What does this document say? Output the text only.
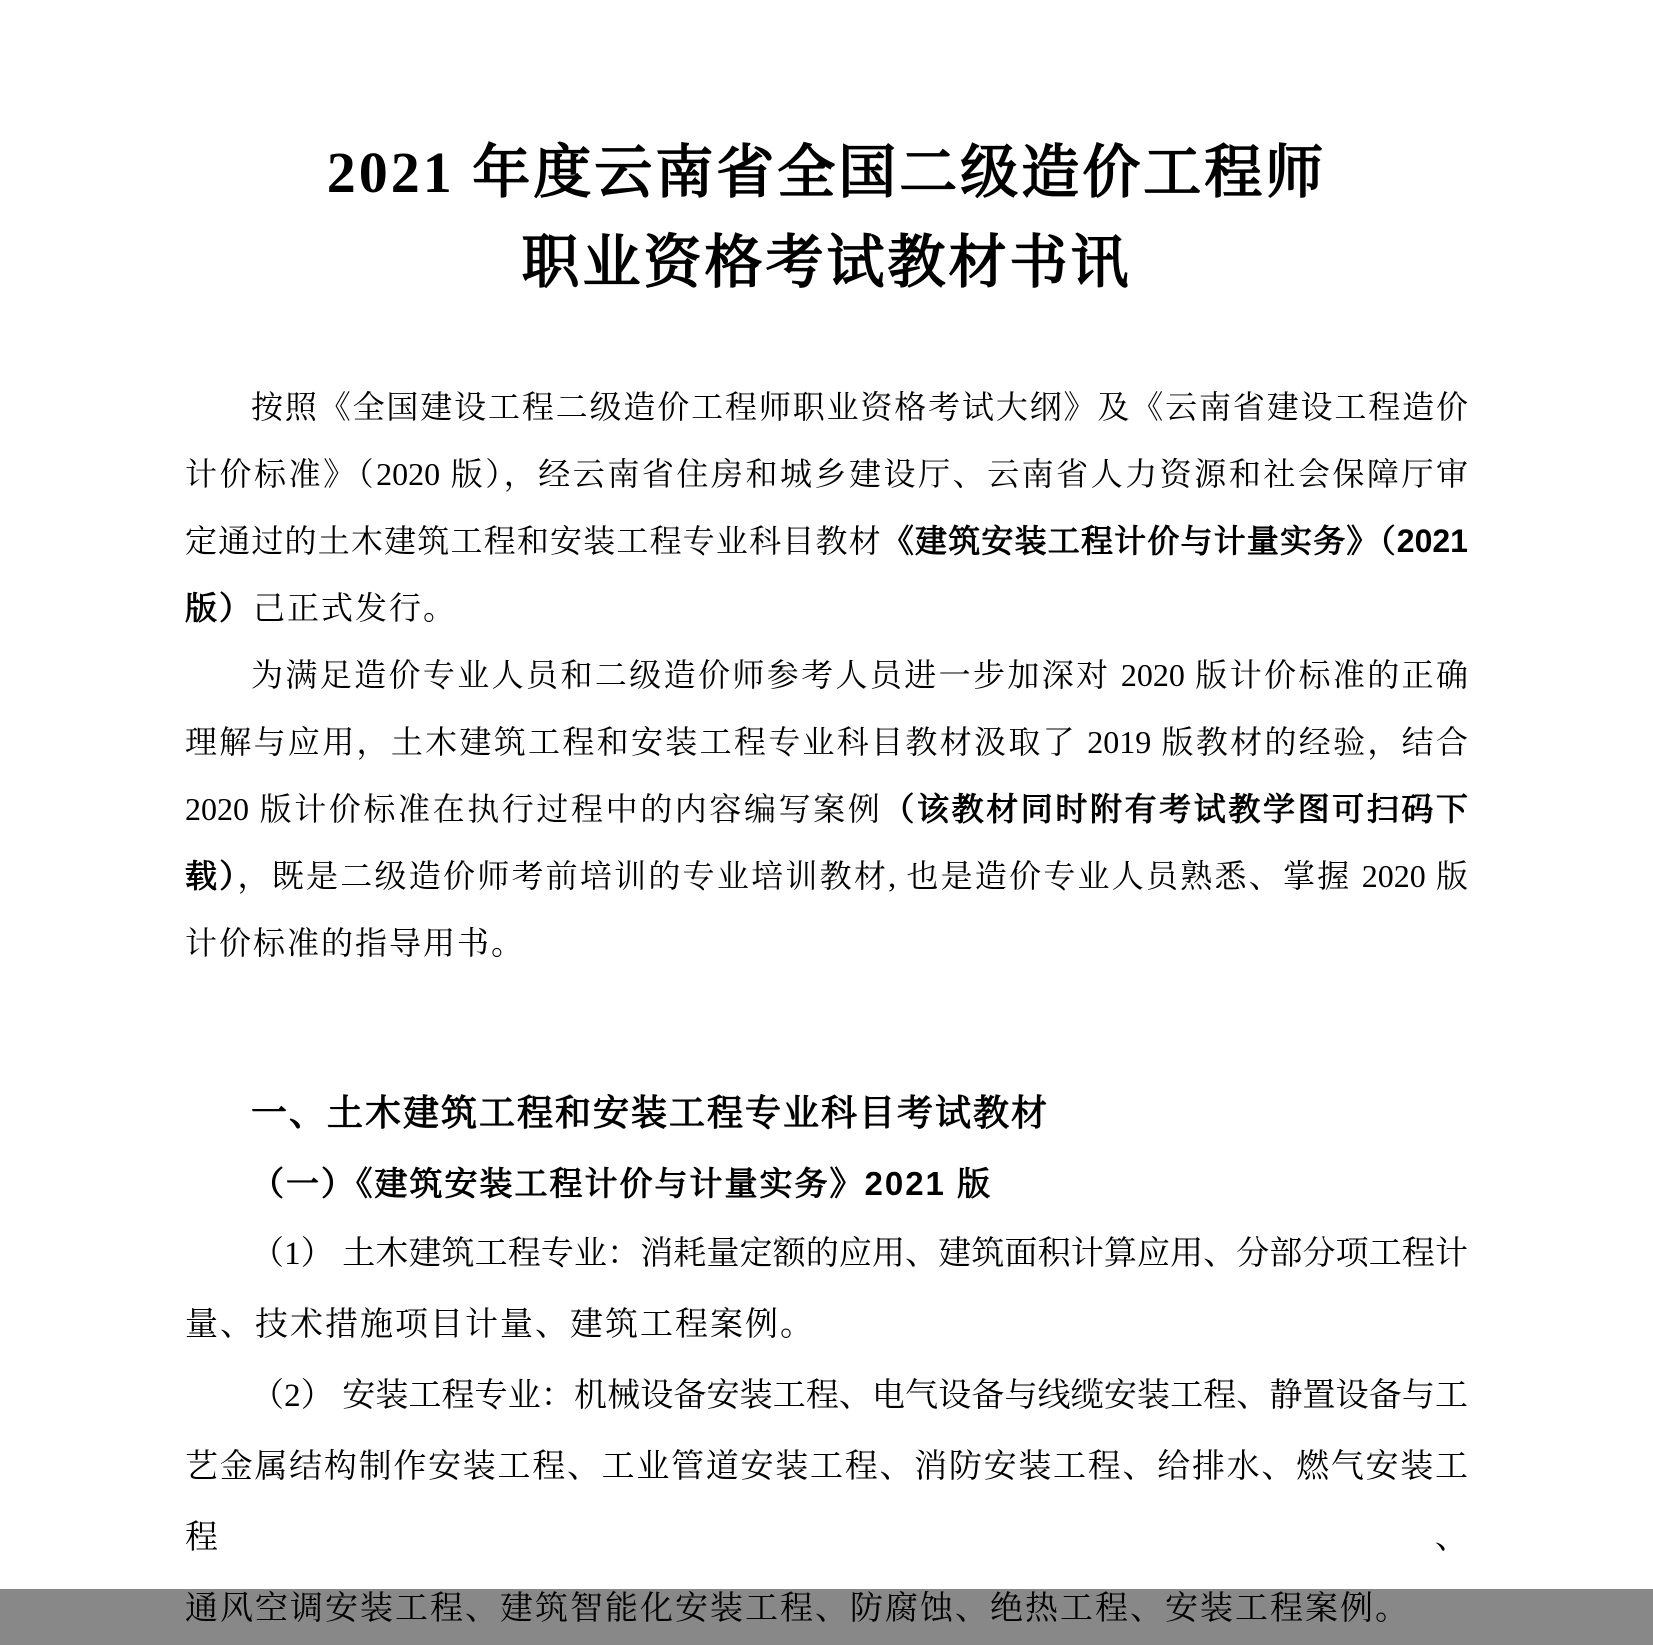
2021 年度云南省全国二级造价工程师
职业资格考试教材书讯
按照《全国建设工程二级造价工程师职业资格考试大纲》及《云南省建设工程造价
计价标准》（2020 版），经云南省住房和城乡建设厅、云南省人力资源和社会保障厅审
定通过的土木建筑工程和安装工程专业科目教材《建筑安装工程计价与计量实务》（2021
版）己正式发行。
为满足造价专业人员和二级造价师参考人员进一步加深对 2020 版计价标准的正确
理解与应用，土木建筑工程和安装工程专业科目教材汲取了 2019 版教材的经验，结合
2020 版计价标准在执行过程中的内容编写案例（该教材同时附有考试教学图可扫码下
载），既是二级造价师考前培训的专业培训教材, 也是造价专业人员熟悉、掌握 2020 版
计价标准的指导用书。
一、土木建筑工程和安装工程专业科目考试教材
（一）《建筑安装工程计价与计量实务》2021 版
（1） 土木建筑工程专业：消耗量定额的应用、建筑面积计算应用、分部分项工程计
量、技术措施项目计量、建筑工程案例。
（2） 安装工程专业：机械设备安装工程、电气设备与线缆安装工程、静置设备与工
艺金属结构制作安装工程、工业管道安装工程、消防安装工程、给排水、燃气安装工程、
通风空调安装工程、建筑智能化安装工程、防腐蚀、绝热工程、安装工程案例。
